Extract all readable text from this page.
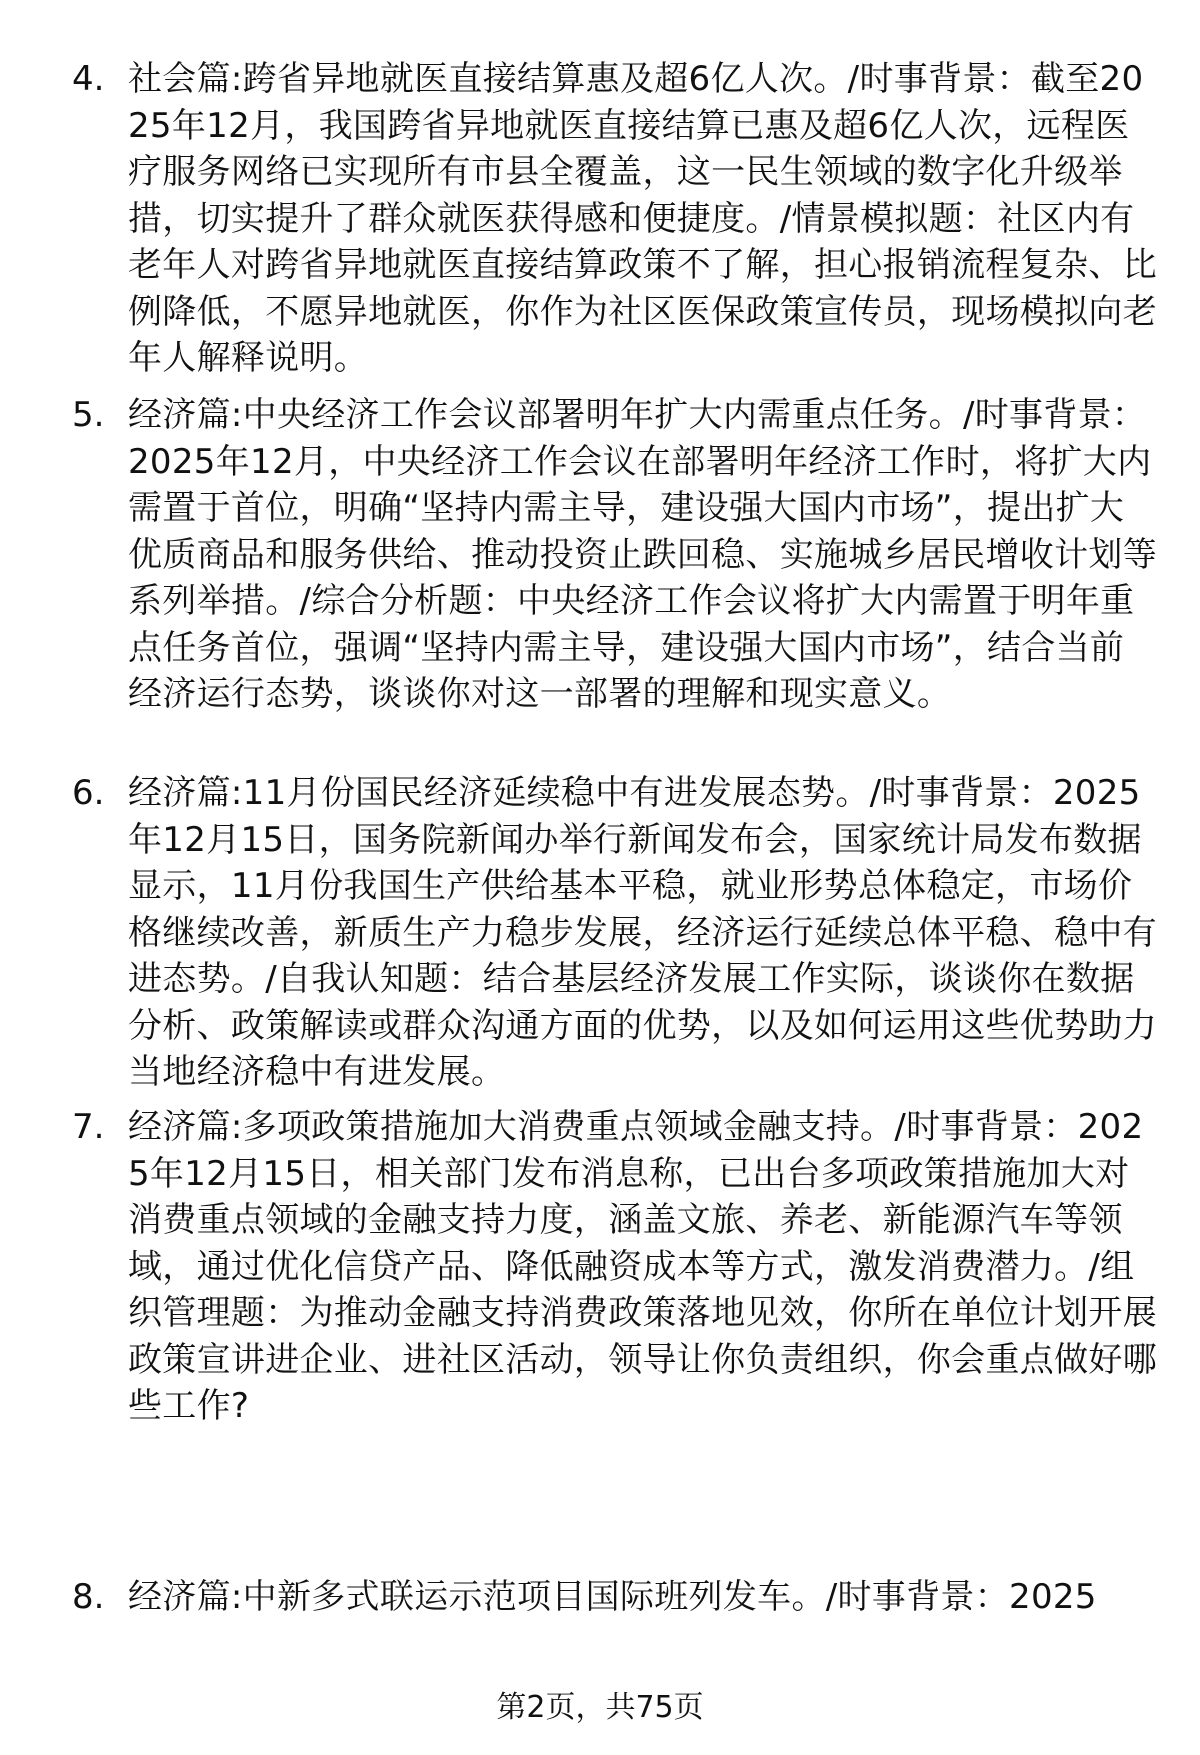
4. 社会篇:跨省异地就医直接结算惠及超6亿人次。/时事背景：截至2025年12月，我国跨省异地就医直接结算已惠及超6亿人次，远程医疗服务网络已实现所有市县全覆盖，这一民生领域的数字化升级举措，切实提升了群众就医获得感和便捷度。/情景模拟题：社区内有老年人对跨省异地就医直接结算政策不了解，担心报销流程复杂、比例降低，不愿异地就医，你作为社区医保政策宣传员，现场模拟向老年人解释说明。
5. 经济篇:中央经济工作会议部署明年扩大内需重点任务。/时事背景：2025年12月，中央经济工作会议在部署明年经济工作时，将扩大内需置于首位，明确“坚持内需主导，建设强大国内市场”，提出扩大优质商品和服务供给、推动投资止跌回稳、实施城乡居民增收计划等系列举措。/综合分析题：中央经济工作会议将扩大内需置于明年重点任务首位，强调“坚持内需主导，建设强大国内市场”，结合当前经济运行态势，谈谈你对这一部署的理解和现实意义。
6. 经济篇:11月份国民经济延续稳中有进发展态势。/时事背景：2025年12月15日，国务院新闻办举行新闻发布会，国家统计局发布数据显示，11月份我国生产供给基本平稳，就业形势总体稳定，市场价格继续改善，新质生产力稳步发展，经济运行延续总体平稳、稳中有进态势。/自我认知题：结合基层经济发展工作实际，谈谈你在数据分析、政策解读或群众沟通方面的优势，以及如何运用这些优势助力当地经济稳中有进发展。
7. 经济篇:多项政策措施加大消费重点领域金融支持。/时事背景：2025年12月15日，相关部门发布消息称，已出台多项政策措施加大对消费重点领域的金融支持力度，涵盖文旅、养老、新能源汽车等领域，通过优化信贷产品、降低融资成本等方式，激发消费潜力。/组织管理题：为推动金融支持消费政策落地见效，你所在单位计划开展政策宣讲进企业、进社区活动，领导让你负责组织，你会重点做好哪些工作?
8. 经济篇:中新多式联运示范项目国际班列发车。/时事背景：2025
第2页，共75页
